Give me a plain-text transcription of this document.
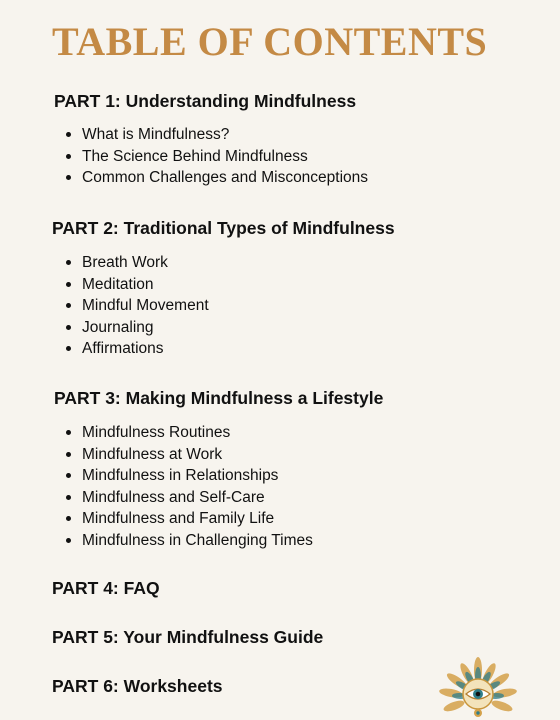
TABLE OF CONTENTS
PART 1: Understanding Mindfulness
What is Mindfulness?
The Science Behind Mindfulness
Common Challenges and Misconceptions
PART 2: Traditional Types of Mindfulness
Breath Work
Meditation
Mindful Movement
Journaling
Affirmations
PART 3: Making Mindfulness a Lifestyle
Mindfulness Routines
Mindfulness at Work
Mindfulness in Relationships
Mindfulness and Self-Care
Mindfulness and Family Life
Mindfulness in Challenging Times
PART 4: FAQ
PART 5: Your Mindfulness Guide
PART 6: Worksheets
